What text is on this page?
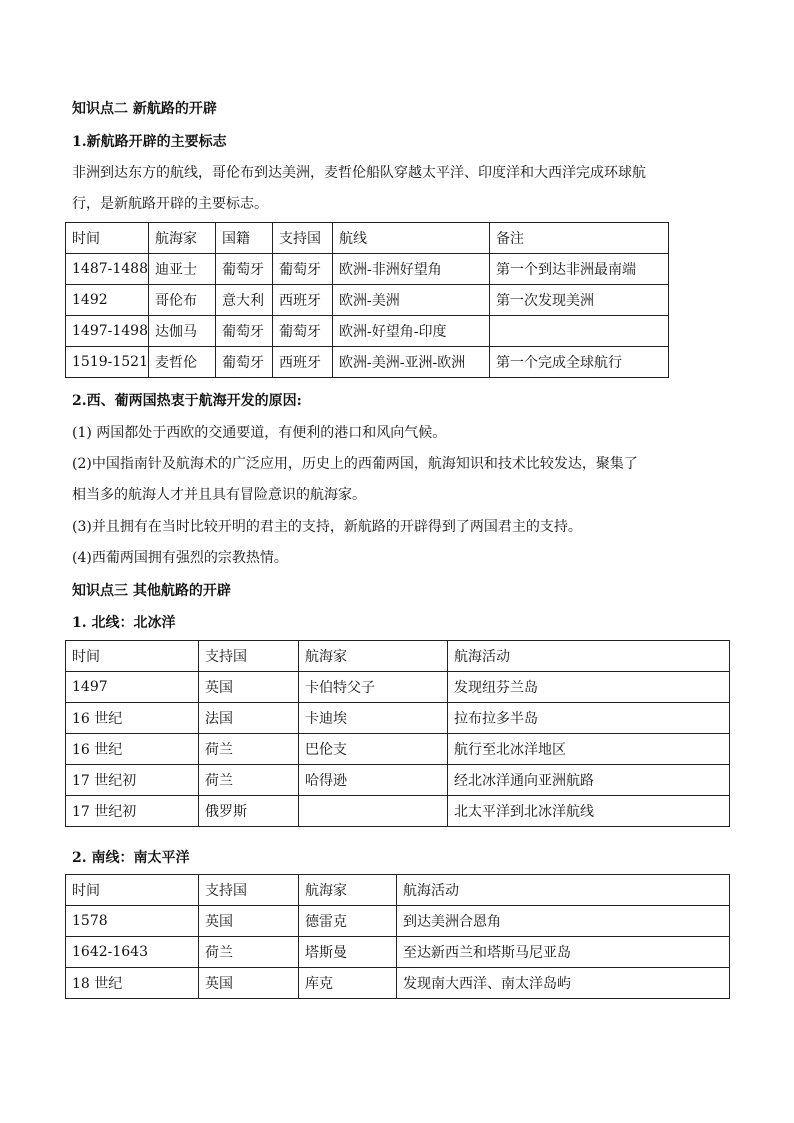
知识点二 新航路的开辟
1.新航路开辟的主要标志
非洲到达东方的航线，哥伦布到达美洲，麦哲伦船队穿越太平洋、印度洋和大西洋完成环球航
行，是新航路开辟的主要标志。
时间	航海家	国籍	支持国	航线	备注
1487-1488	迪亚士	葡萄牙	葡萄牙	欧洲-非洲好望角	第一个到达非洲最南端
1492	哥伦布	意大利	西班牙	欧洲-美洲	第一次发现美洲
1497-1498	达伽马	葡萄牙	葡萄牙	欧洲-好望角-印度	
1519-1521	麦哲伦	葡萄牙	西班牙	欧洲-美洲-亚洲-欧洲	第一个完成全球航行
2.西、葡两国热衷于航海开发的原因:
(1) 两国都处于西欧的交通要道，有便利的港口和风向气候。
(2)中国指南针及航海术的广泛应用，历史上的西葡两国，航海知识和技术比较发达，聚集了
相当多的航海人才并且具有冒险意识的航海家。
(3)并且拥有在当时比较开明的君主的支持，新航路的开辟得到了两国君主的支持。
(4)西葡两国拥有强烈的宗教热情。
知识点三 其他航路的开辟
1. 北线：北冰洋
时间	支持国	航海家	航海活动
1497	英国	卡伯特父子	发现纽芬兰岛
16 世纪	法国	卡迪埃	拉布拉多半岛
16 世纪	荷兰	巴伦支	航行至北冰洋地区
17 世纪初	荷兰	哈得逊	经北冰洋通向亚洲航路
17 世纪初	俄罗斯		北太平洋到北冰洋航线
2. 南线：南太平洋
时间	支持国	航海家	航海活动
1578	英国	德雷克	到达美洲合恩角
1642-1643	荷兰	塔斯曼	至达新西兰和塔斯马尼亚岛
18 世纪	英国	库克	发现南大西洋、南太洋岛屿
